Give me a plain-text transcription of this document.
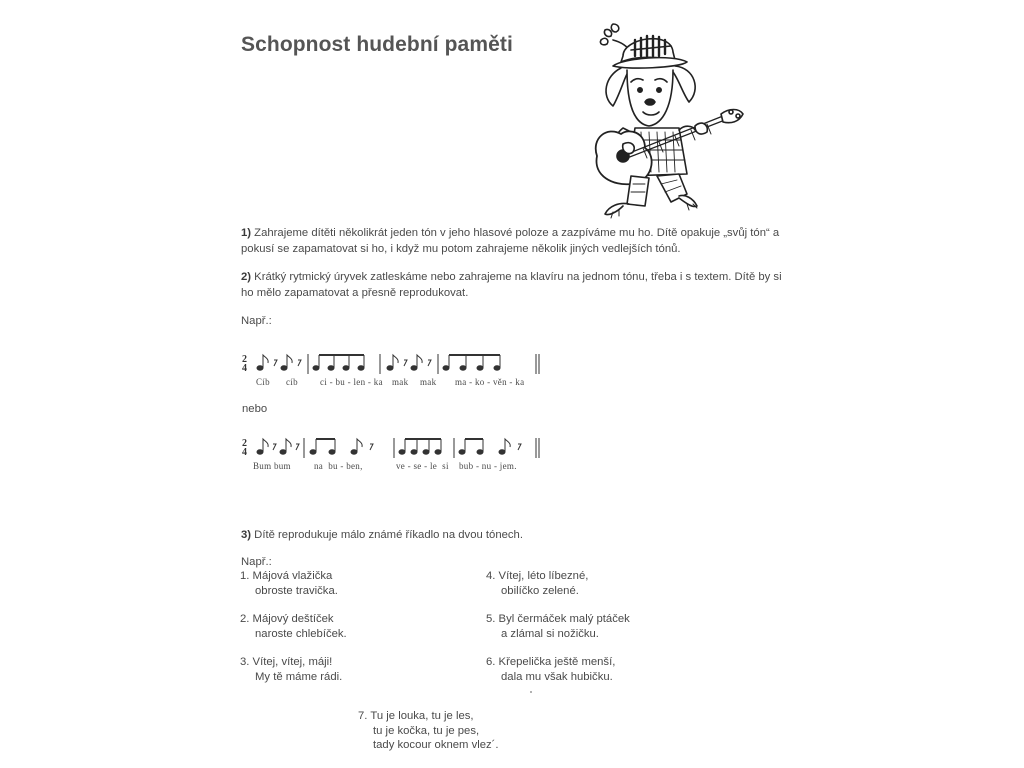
Schopnost hudební paměti
1) Zahrajeme dítěti několikrát jeden tón v jeho hlasové poloze a zazpíváme mu ho. Dítě opakuje „svůj tón“ a pokusí se zapamatovat si ho, i když mu potom zahrajeme několik jiných vedlejších tónů.
2) Krátký rytmický úryvek zatleskáme nebo zahrajeme na klavíru na jednom tónu, třeba i s textem. Dítě by si ho mělo zapamatovat a přesně reprodukovat.
Např.:
2
4
Cíb cíb ci - bu - len - ka mak mak ma - ko - věn - ka
nebo
2
4
Bum bum	na  bu - ben,	ve - se - le  si bub - nu - jem.
3) Dítě reprodukuje málo známé říkadlo na dvou tónech.
Např.:
1. Májová vlažička
obroste travička.
2. Májový deštíček
naroste chlebíček.
3. Vítej, vítej, máji!
My tě máme rádi.
4. Vítej, léto líbezné,
obilíčko zelené.
5. Byl čermáček malý ptáček
a zlámal si nožičku.
6. Křepelička ještě menší,
dala mu však hubičku.
7. Tu je louka, tu je les,
tu je kočka, tu je pes,
tady kocour oknem vlez´.
